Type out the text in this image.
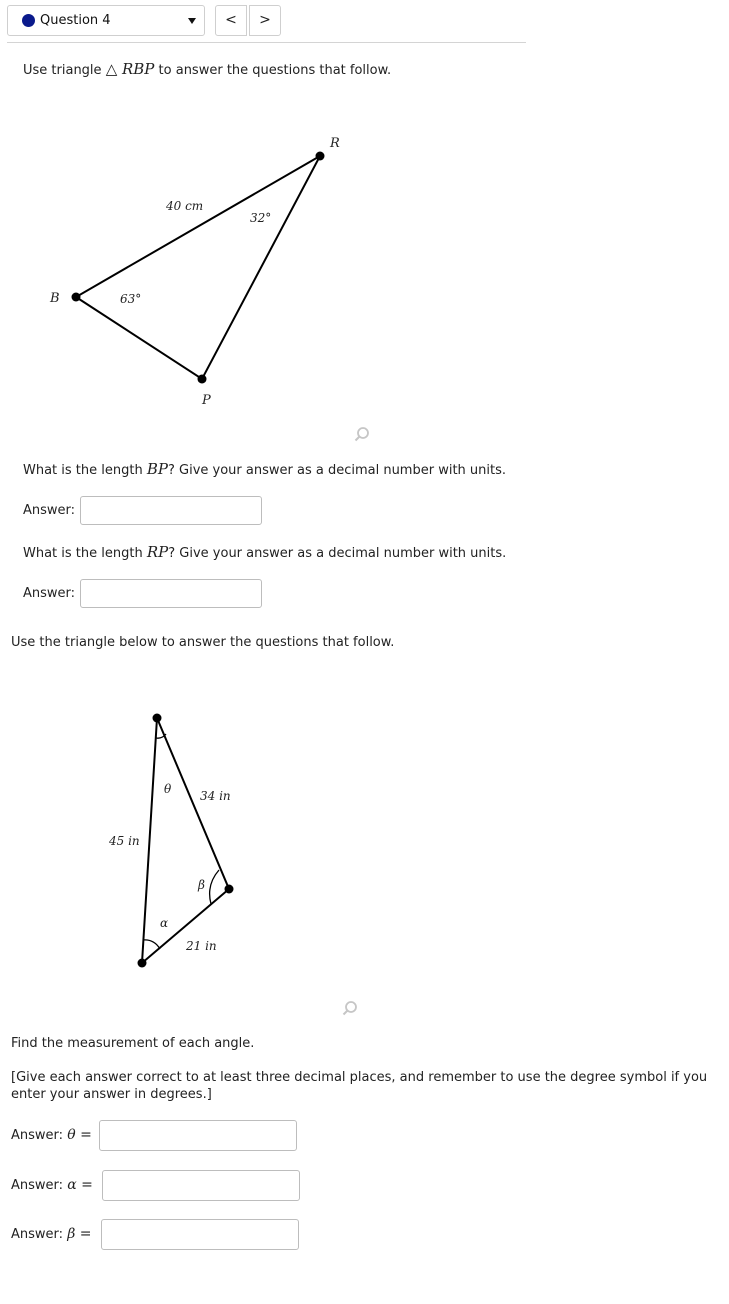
Question 4	<	>
Use triangle △ RBP to answer the questions that follow.
R
B
P
40 cm
32°
63°
What is the length BP? Give your answer as a decimal number with units.
Answer:
What is the length RP? Give your answer as a decimal number with units.
Answer:
Use the triangle below to answer the questions that follow.
θ
α
β
45 in
34 in
21 in
Find the measurement of each angle.
[Give each answer correct to at least three decimal places, and remember to use the degree symbol if you
enter your answer in degrees.]
Answer: θ =
Answer: α =
Answer: β =
